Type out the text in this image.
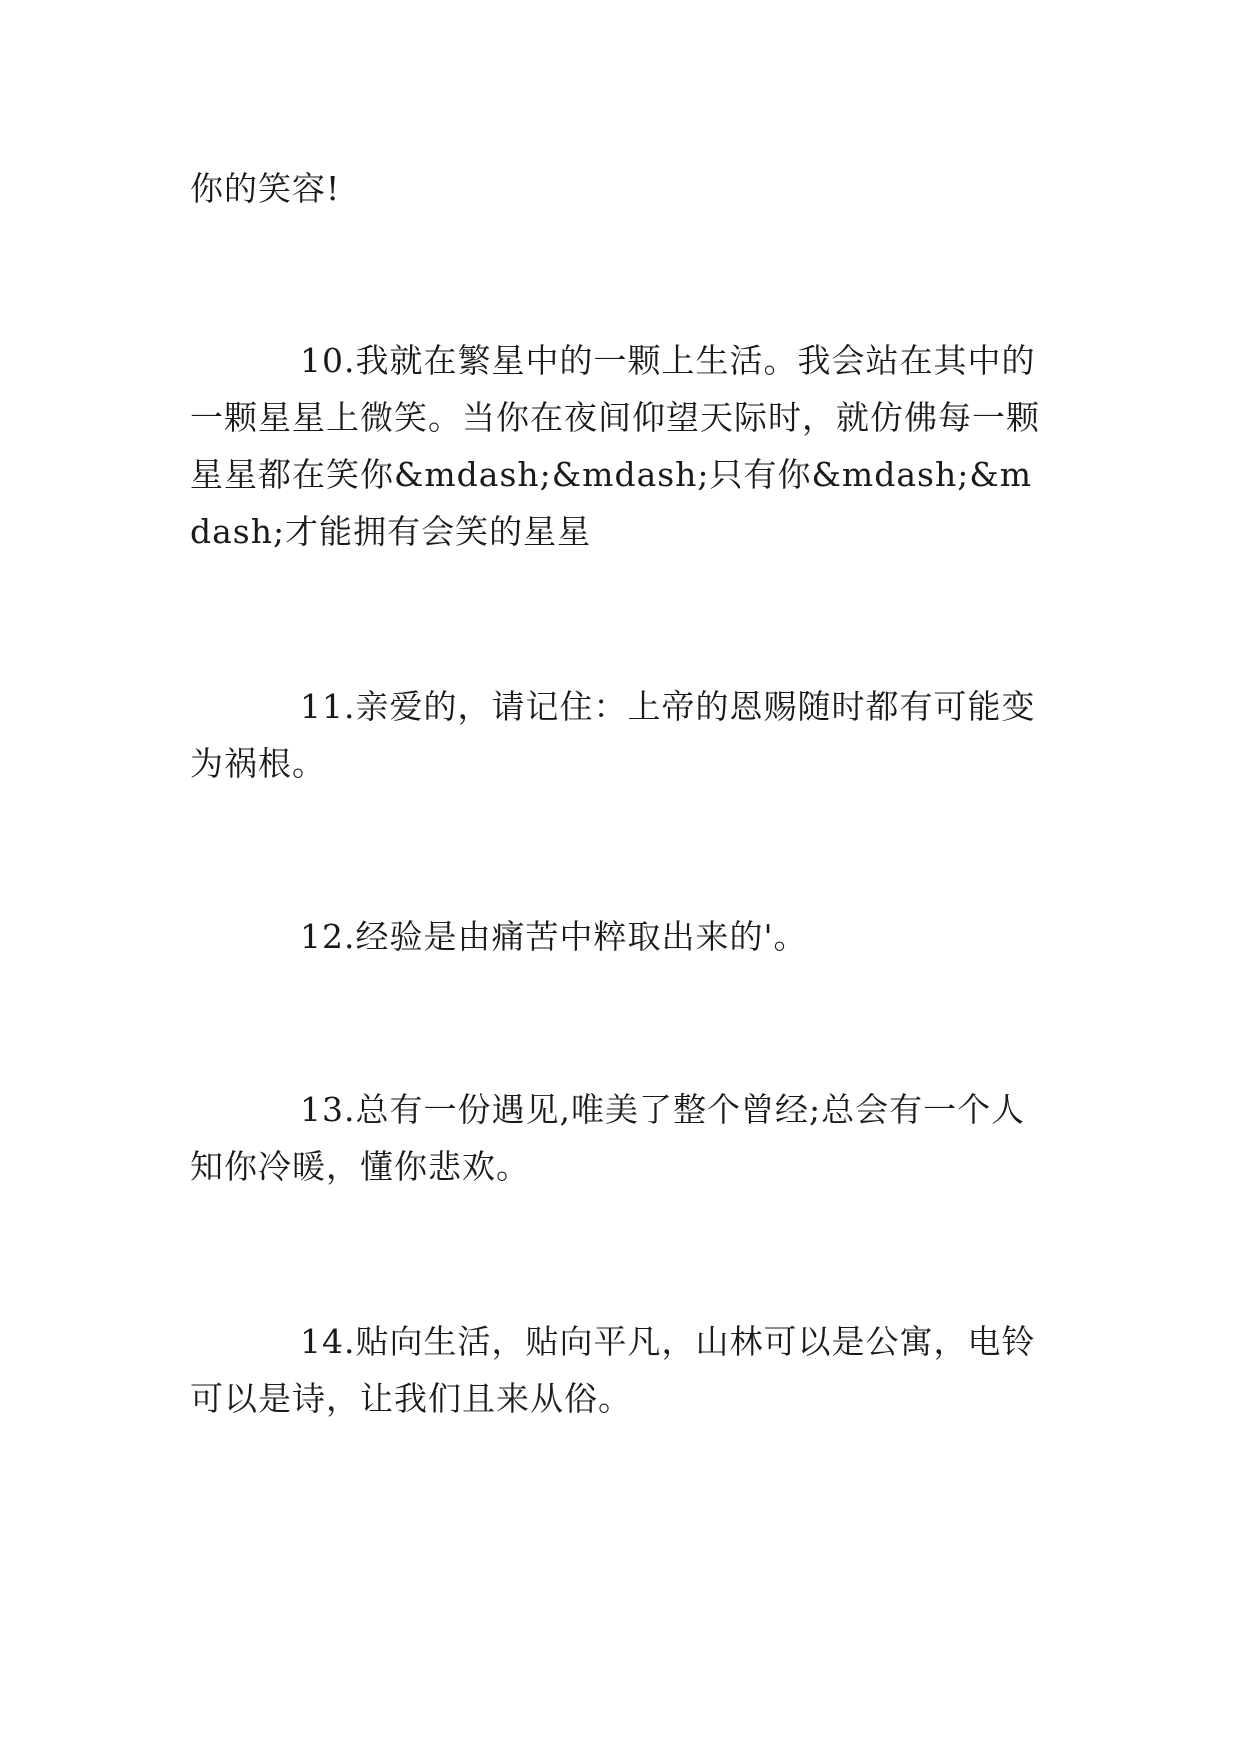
你的笑容!

10.我就在繁星中的一颗上生活。我会站在其中的一颗星星上微笑。当你在夜间仰望天际时，就仿佛每一颗星星都在笑你&mdash;&mdash;只有你&mdash;&mdash;才能拥有会笑的星星

11.亲爱的，请记住：上帝的恩赐随时都有可能变为祸根。

12.经验是由痛苦中粹取出来的'。

13.总有一份遇见,唯美了整个曾经;总会有一个人知你冷暖，懂你悲欢。

14.贴向生活，贴向平凡，山林可以是公寓，电铃可以是诗，让我们且来从俗。
